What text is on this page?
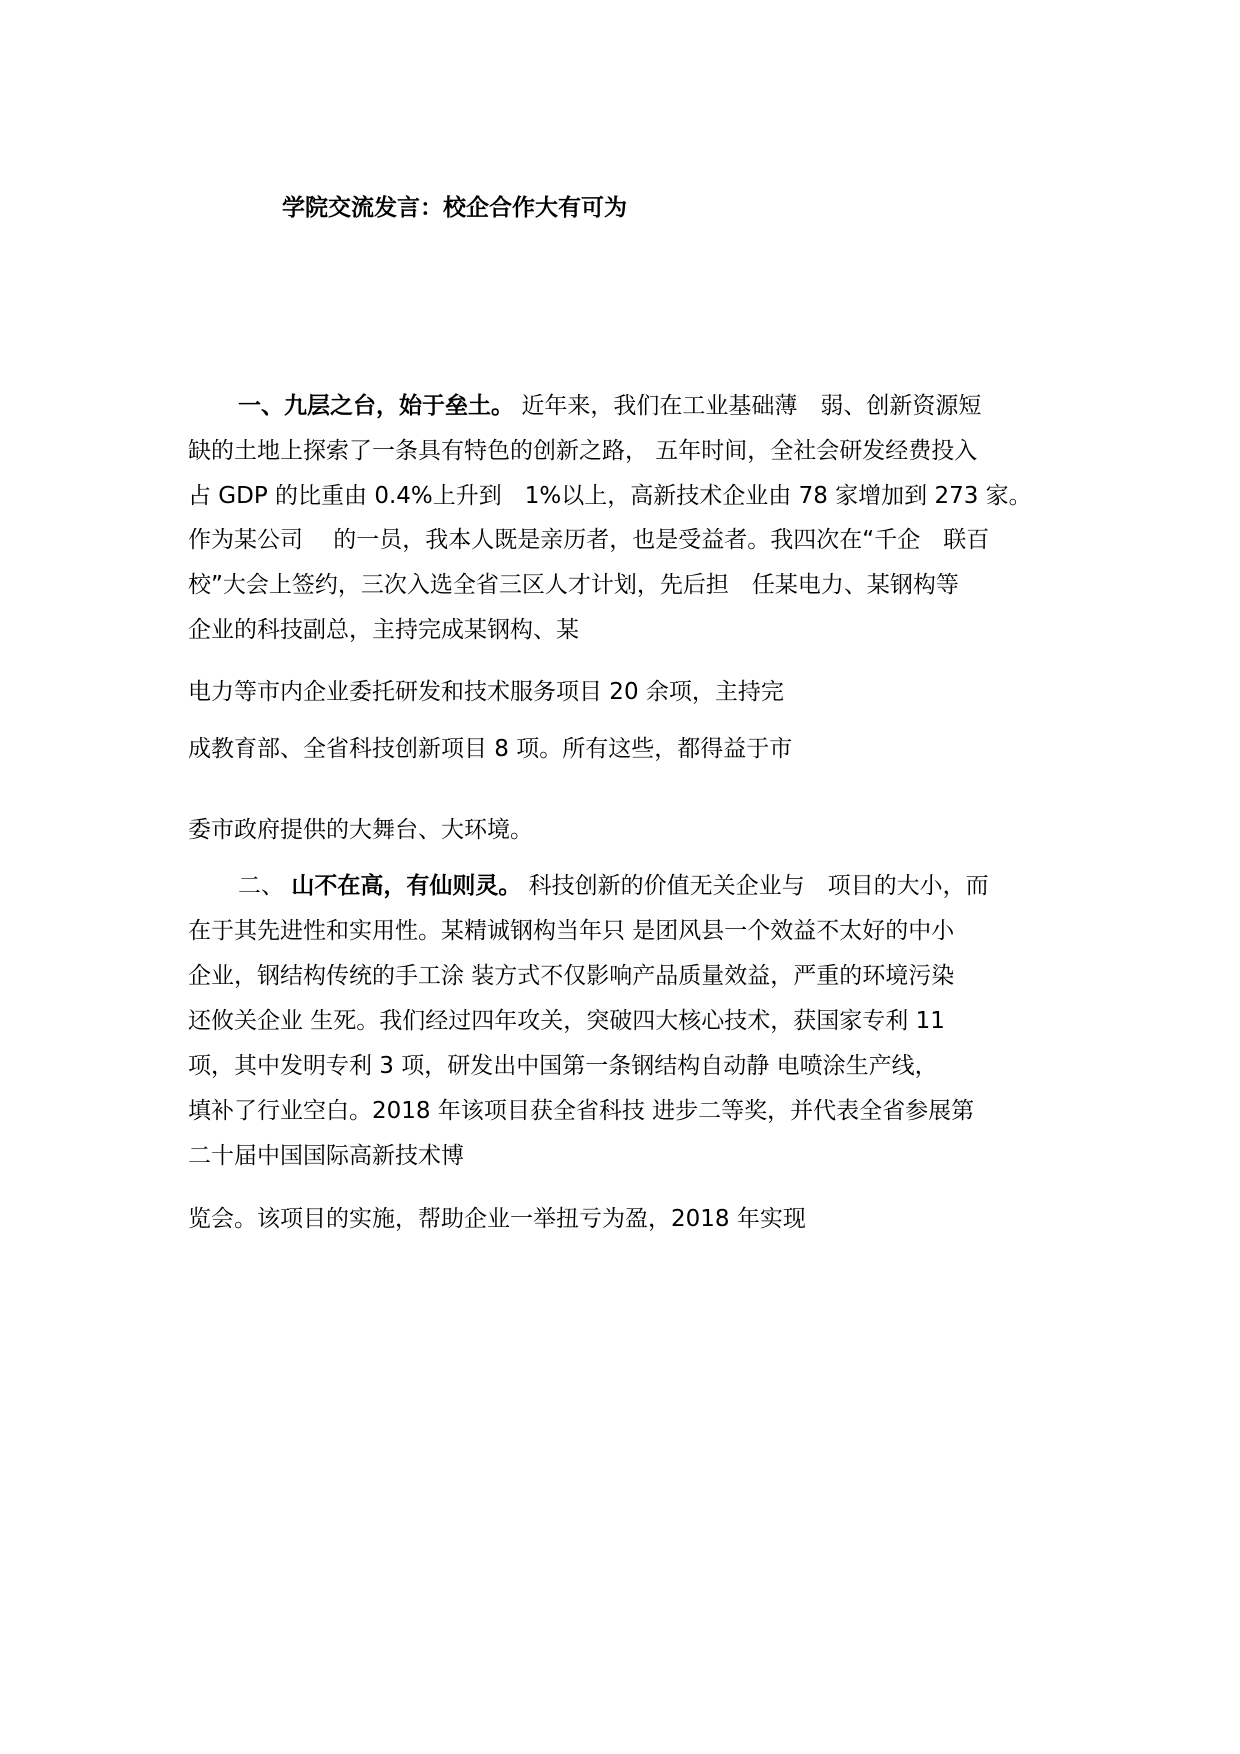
学院交流发言：校企合作大有可为
一、九层之台，始于垒土。 近年来，我们在工业基础薄　弱、创新资源短
缺的土地上探索了一条具有特色的创新之路， 五年时间，全社会研发经费投入
占 GDP 的比重由 0.4%上升到　1%以上，高新技术企业由 78 家增加到 273 家。
作为某公司　 的一员，我本人既是亲历者，也是受益者。我四次在“千企　联百
校”大会上签约，三次入选全省三区人才计划，先后担　任某电力、某钢构等
企业的科技副总，主持完成某钢构、某
电力等市内企业委托研发和技术服务项目 20 余项，主持完
成教育部、全省科技创新项目 8 项。所有这些，都得益于市
委市政府提供的大舞台、大环境。
二、 山不在高，有仙则灵。 科技创新的价值无关企业与　项目的大小，而
在于其先进性和实用性。某精诚钢构当年只 是团风县一个效益不太好的中小
企业，钢结构传统的手工涂 装方式不仅影响产品质量效益，严重的环境污染
还攸关企业 生死。我们经过四年攻关，突破四大核心技术，获国家专利 11
项，其中发明专利 3 项，研发出中国第一条钢结构自动静 电喷涂生产线，
填补了行业空白。2018 年该项目获全省科技 进步二等奖，并代表全省参展第
二十届中国国际高新技术博
览会。该项目的实施，帮助企业一举扭亏为盈，2018 年实现
